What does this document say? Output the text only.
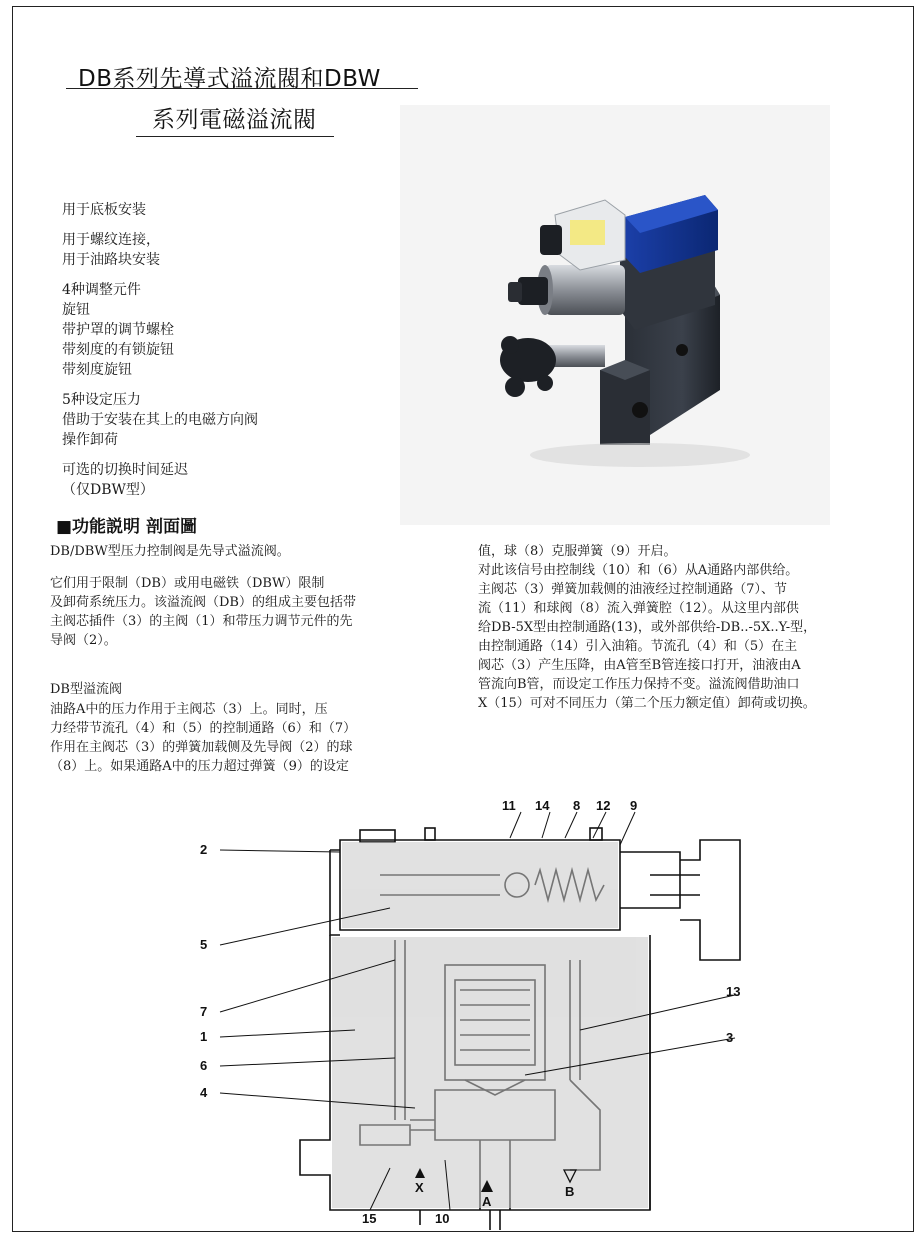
DB系列先導式溢流閥和DBW
系列電磁溢流閥
用于底板安装
用于螺纹连接，
用于油路块安装
4种调整元件
旋钮
带护罩的调节螺栓
带刻度的有锁旋钮
带刻度旋钮
5种设定压力
借助于安装在其上的电磁方向阀
操作卸荷
可选的切换时间延迟
（仅DBW型）
■功能説明 剖面圖
DB/DBW型压力控制阀是先导式溢流阀。
它们用于限制（DB）或用电磁铁（DBW）限制
及卸荷系统压力。该溢流阀（DB）的组成主要包括带
主阀芯插件（3）的主阀（1）和带压力调节元件的先
导阀（2）。
DB型溢流阀
油路A中的压力作用于主阀芯（3）上。同时，压
力经带节流孔（4）和（5）的控制通路（6）和（7）
作用在主阀芯（3）的弹簧加载侧及先导阀（2）的球
（8）上。如果通路A中的压力超过弹簧（9）的设定
值，球（8）克服弹簧（9）开启。
对此该信号由控制线（10）和（6）从A通路内部供给。
主阀芯（3）弹簧加载侧的油液经过控制通路（7）、节
流（11）和球阀（8）流入弹簧腔（12）。从这里内部供
给DB-5X型由控制通路(13)，或外部供给-DB..-5X..Y-型，
由控制通路（14）引入油箱。节流孔（4）和（5）在主
阀芯（3）产生压降，由A管至B管连接口打开，油液由A
管流向B管，而设定工作压力保持不变。溢流阀借助油口
X（15）可对不同压力（第二个压力额定值）卸荷或切换。
11 14 8 12 9
2
5
7
1
6
4
13
3
15	10
X
A
B
